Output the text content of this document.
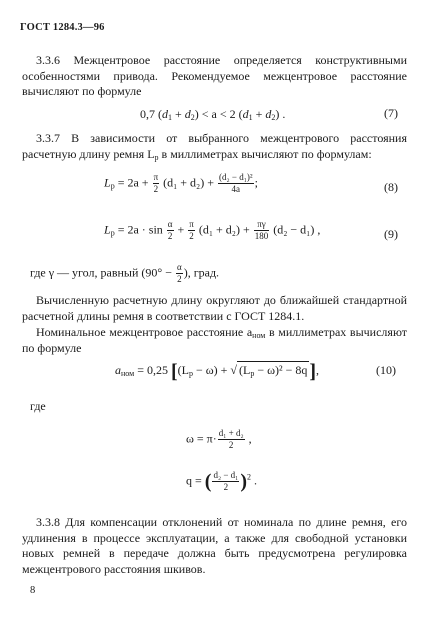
ГОСТ 1284.3—96
3.3.6 Межцентровое расстояние определяется конструктивными особенностями привода. Рекомендуемое межцентровое расстояние вычисляют по формуле
0,7 $(d_1 + d_2) < a < 2$ $(d_1 + d_2)$ .	(7)
3.3.7 В зависимости от выбранного межцентрового расстояния расчетную длину ремня $L_р$ в миллиметрах вычисляют по формулам:
$L_p = 2a + \frac{\pi}{2} (d_1 + d_2) + \frac{\text{(d₂ − d₁)²}}{4a}$ ;	(8)
$L_p = 2a \cdot \sin \frac{\alpha}{2} + \frac{\pi}{2} (d_1 + d_2) + \frac{\pi\gamma}{180} (d_2 - d_1)$ ,	(9)
где γ — угол, равный ($90^\circ - \frac{\alpha}{2}$ ), град.
Вычисленную расчетную длину округляют до ближайшей стандартной расчетной длины ремня в соответствии с ГОСТ 1284.1.
Номинальное межцентровое расстояние $a_{ном}$ в миллиметрах вычисляют по формуле
$a_{ном} = 0,25$ [$(L_р - \omega)$ + √ $(L_р - \omega)^2 - 8q$ ],	(10)
где
$\omega = \pi\cdot \frac{\text{d₁ + d₂}}{2}$ ,
q = ( $\frac{\text{d₂ − d₁}}{2} )^2$ .
3.3.8 Для компенсации отклонений от номинала по длине ремня, его удлинения в процессе эксплуатации, а также для свободной установки новых ремней в передаче должна быть предусмотрена регулировка межцентрового расстояния шкивов.
8
